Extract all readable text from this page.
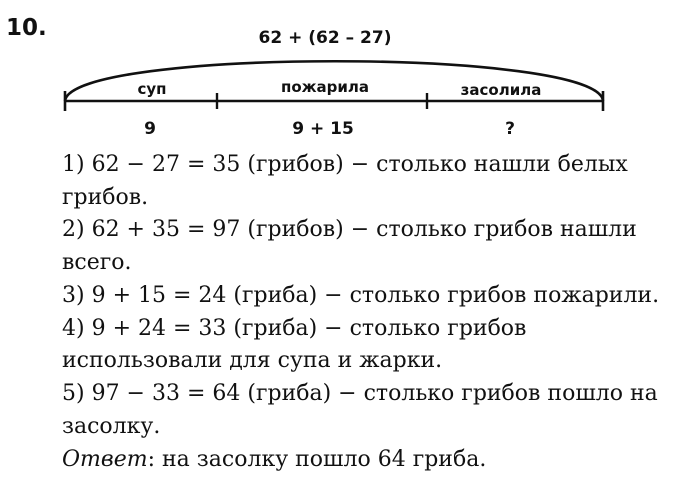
10.	62 + (62 – 27)
суп	пожарила	засолила
9	9 + 15	?
1) 62 − 27 = 35 (грибов) − столько нашли белых грибов.
2) 62 + 35 = 97 (грибов) − столько грибов нашли всего.
3) 9 + 15 = 24 (гриба) − столько грибов пожарили.
4) 9 + 24 = 33 (гриба) − столько грибов использовали для супа и жарки.
5) 97 − 33 = 64 (гриба) − столько грибов пошло на засолку.
Ответ: на засолку пошло 64 гриба.
